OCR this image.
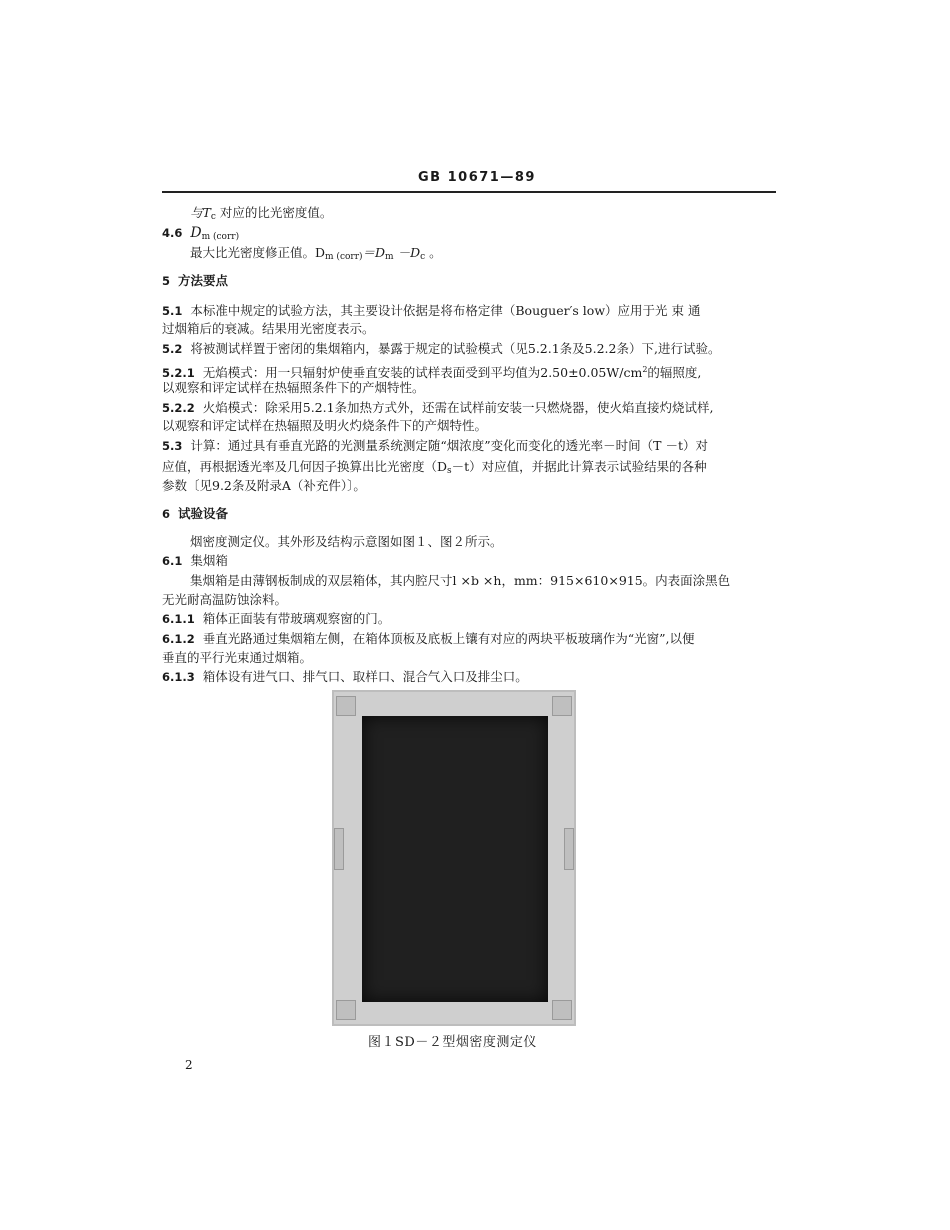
GB 10671—89
与$T_c$ 对应的比光密度值。
4.6 $D_{m (corr)}$
最大比光密度修正值。$D_{m (corr)}=D_m -D_c$ 。
5 方法要点
5.1 本标准中规定的试验方法，其主要设计依据是将布格定律（Bouguer′s low）应用于光 束 通
过烟箱后的衰减。结果用光密度表示。
5.2 将被测试样置于密闭的集烟箱内，暴露于规定的试验模式（见5.2.1条及5.2.2条）下,进行试验。
5.2.1 无焰模式：用一只辐射炉使垂直安装的试样表面受到平均值为$2.50\pm 0.05W/cm^2$的辐照度,
以观察和评定试样在热辐照条件下的产烟特性。
5.2.2 火焰模式：除采用5.2.1条加热方式外，还需在试样前安装一只燃烧器，使火焰直接灼烧试样,
以观察和评定试样在热辐照及明火灼烧条件下的产烟特性。
5.3 计算：通过具有垂直光路的光测量系统测定随“烟浓度”变化而变化的透光率－时间（T －t）对
应值，再根据透光率及几何因子换算出比光密度$(D_s-t)$对应值，并据此计算表示试验结果的各种
参数〔见9.2条及附录A（补充件）〕。
6 试验设备
烟密度测定仪。其外形及结构示意图如图１、图２所示。
6.1 集烟箱
集烟箱是由薄钢板制成的双层箱体，其内腔尺寸l ×b ×h，mm：915×610×915。内表面涂黑色
无光耐高温防蚀涂料。
6.1.1 箱体正面装有带玻璃观察窗的门。
6.1.2 垂直光路通过集烟箱左侧，在箱体顶板及底板上镶有对应的两块平板玻璃作为“光窗”,以便
垂直的平行光束通过烟箱。
6.1.3 箱体设有进气口、排气口、取样口、混合气入口及排尘口。
图１SD－２型烟密度测定仪
2
